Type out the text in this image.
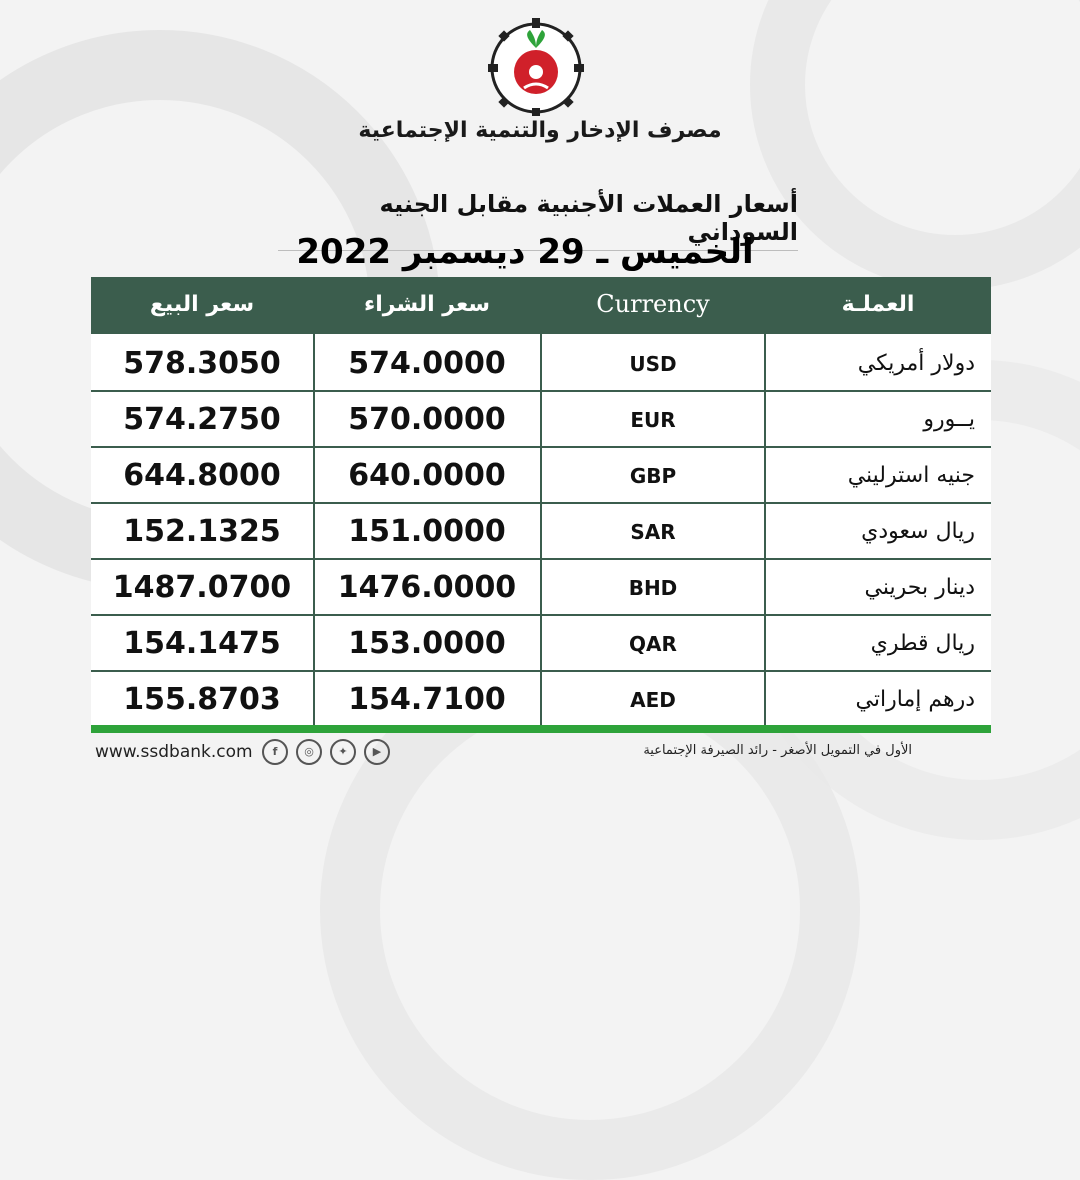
مصرف الإدخار والتنمية الإجتماعية
أسعار العملات الأجنبية مقابل الجنيه السوداني
الخميس ـ 29 ديسمبر 2022
سعر البيع	سعر الشراء	Currency	العملـة
578.3050	574.0000	USD	دولار أمريكي
574.2750	570.0000	EUR	يــورو
644.8000	640.0000	GBP	جنيه استرليني
152.1325	151.0000	SAR	ريال سعودي
1487.0700	1476.0000	BHD	دينار بحريني
154.1475	153.0000	QAR	ريال قطري
155.8703	154.7100	AED	درهم إماراتي
www.ssdbank.com	f	◎	✦	▶	الأول في التمويل الأصغر - رائد الصيرفة الإجتماعية
